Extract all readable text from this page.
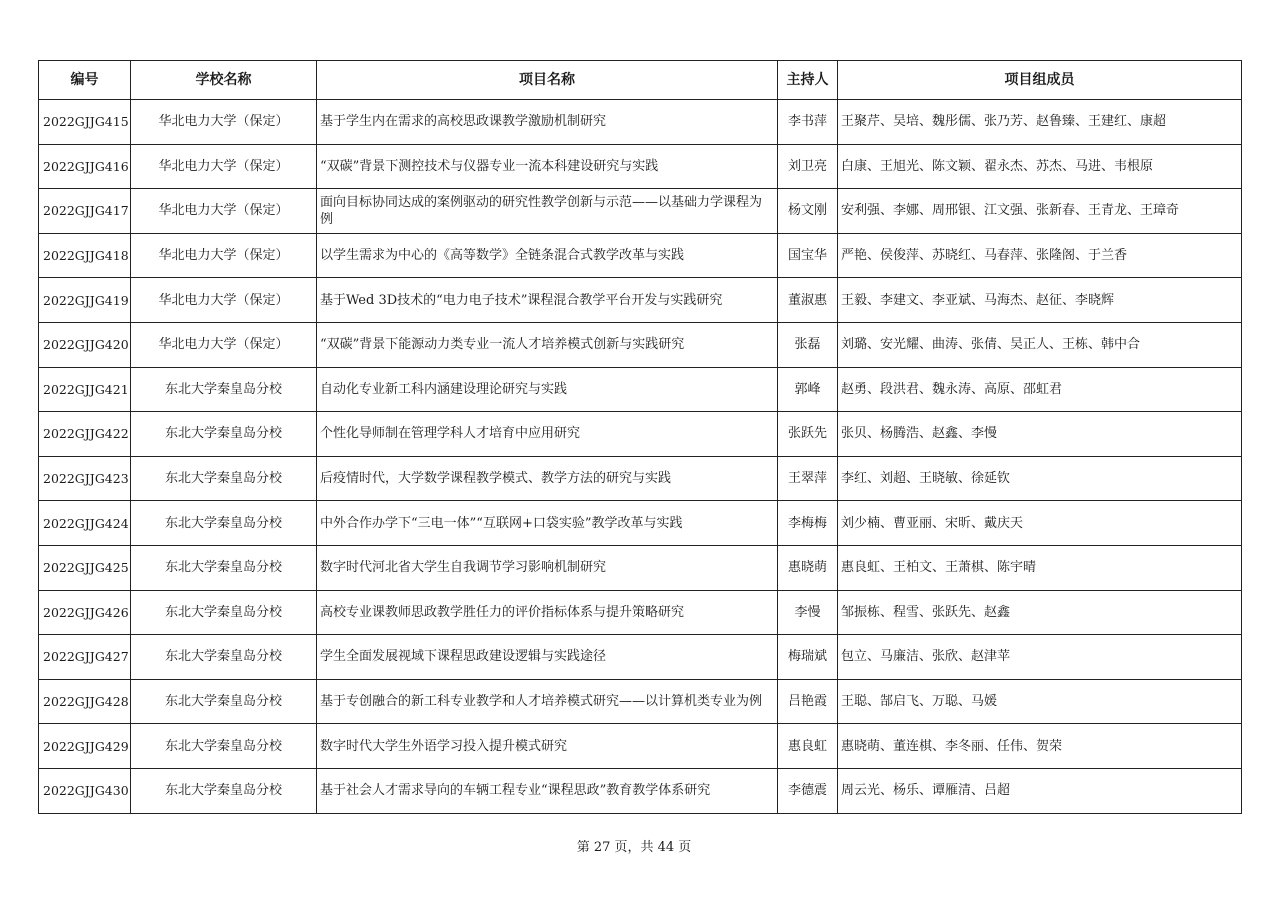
编号	学校名称	项目名称	主持人	项目组成员
2022GJJG415	华北电力大学（保定）	基于学生内在需求的高校思政课教学激励机制研究	李书萍	王聚芹、吴培、魏彤儒、张乃芳、赵鲁臻、王建红、康超
2022GJJG416	华北电力大学（保定）	“双碳”背景下测控技术与仪器专业一流本科建设研究与实践	刘卫亮	白康、王旭光、陈文颖、翟永杰、苏杰、马进、韦根原
2022GJJG417	华北电力大学（保定）	面向目标协同达成的案例驱动的研究性教学创新与示范——以基础力学课程为例	杨文刚	安利强、李娜、周邢银、江文强、张新春、王青龙、王璋奇
2022GJJG418	华北电力大学（保定）	以学生需求为中心的《高等数学》全链条混合式教学改革与实践	国宝华	严艳、侯俊萍、苏晓红、马春萍、张隆阁、于兰香
2022GJJG419	华北电力大学（保定）	基于Wed 3D技术的“电力电子技术”课程混合教学平台开发与实践研究	董淑惠	王毅、李建文、李亚斌、马海杰、赵征、李晓辉
2022GJJG420	华北电力大学（保定）	“双碳”背景下能源动力类专业一流人才培养模式创新与实践研究	张磊	刘璐、安光耀、曲涛、张倩、吴正人、王栋、韩中合
2022GJJG421	东北大学秦皇岛分校	自动化专业新工科内涵建设理论研究与实践	郭峰	赵勇、段洪君、魏永涛、高原、邵虹君
2022GJJG422	东北大学秦皇岛分校	个性化导师制在管理学科人才培育中应用研究	张跃先	张贝、杨腾浩、赵鑫、李慢
2022GJJG423	东北大学秦皇岛分校	后疫情时代，大学数学课程教学模式、教学方法的研究与实践	王翠萍	李红、刘超、王晓敏、徐延钦
2022GJJG424	东北大学秦皇岛分校	中外合作办学下“三电一体”“互联网+口袋实验”教学改革与实践	李梅梅	刘少楠、曹亚丽、宋昕、戴庆天
2022GJJG425	东北大学秦皇岛分校	数字时代河北省大学生自我调节学习影响机制研究	惠晓萌	惠良虹、王柏文、王萧棋、陈宇晴
2022GJJG426	东北大学秦皇岛分校	高校专业课教师思政教学胜任力的评价指标体系与提升策略研究	李慢	邹振栋、程雪、张跃先、赵鑫
2022GJJG427	东北大学秦皇岛分校	学生全面发展视域下课程思政建设逻辑与实践途径	梅瑞斌	包立、马廉洁、张欣、赵津苹
2022GJJG428	东北大学秦皇岛分校	基于专创融合的新工科专业教学和人才培养模式研究——以计算机类专业为例	吕艳霞	王聪、郜启飞、万聪、马媛
2022GJJG429	东北大学秦皇岛分校	数字时代大学生外语学习投入提升模式研究	惠良虹	惠晓萌、董连棋、李冬丽、任伟、贺荣
2022GJJG430	东北大学秦皇岛分校	基于社会人才需求导向的车辆工程专业“课程思政”教育教学体系研究	李德震	周云光、杨乐、谭雁清、吕超
第 27 页，共 44 页
